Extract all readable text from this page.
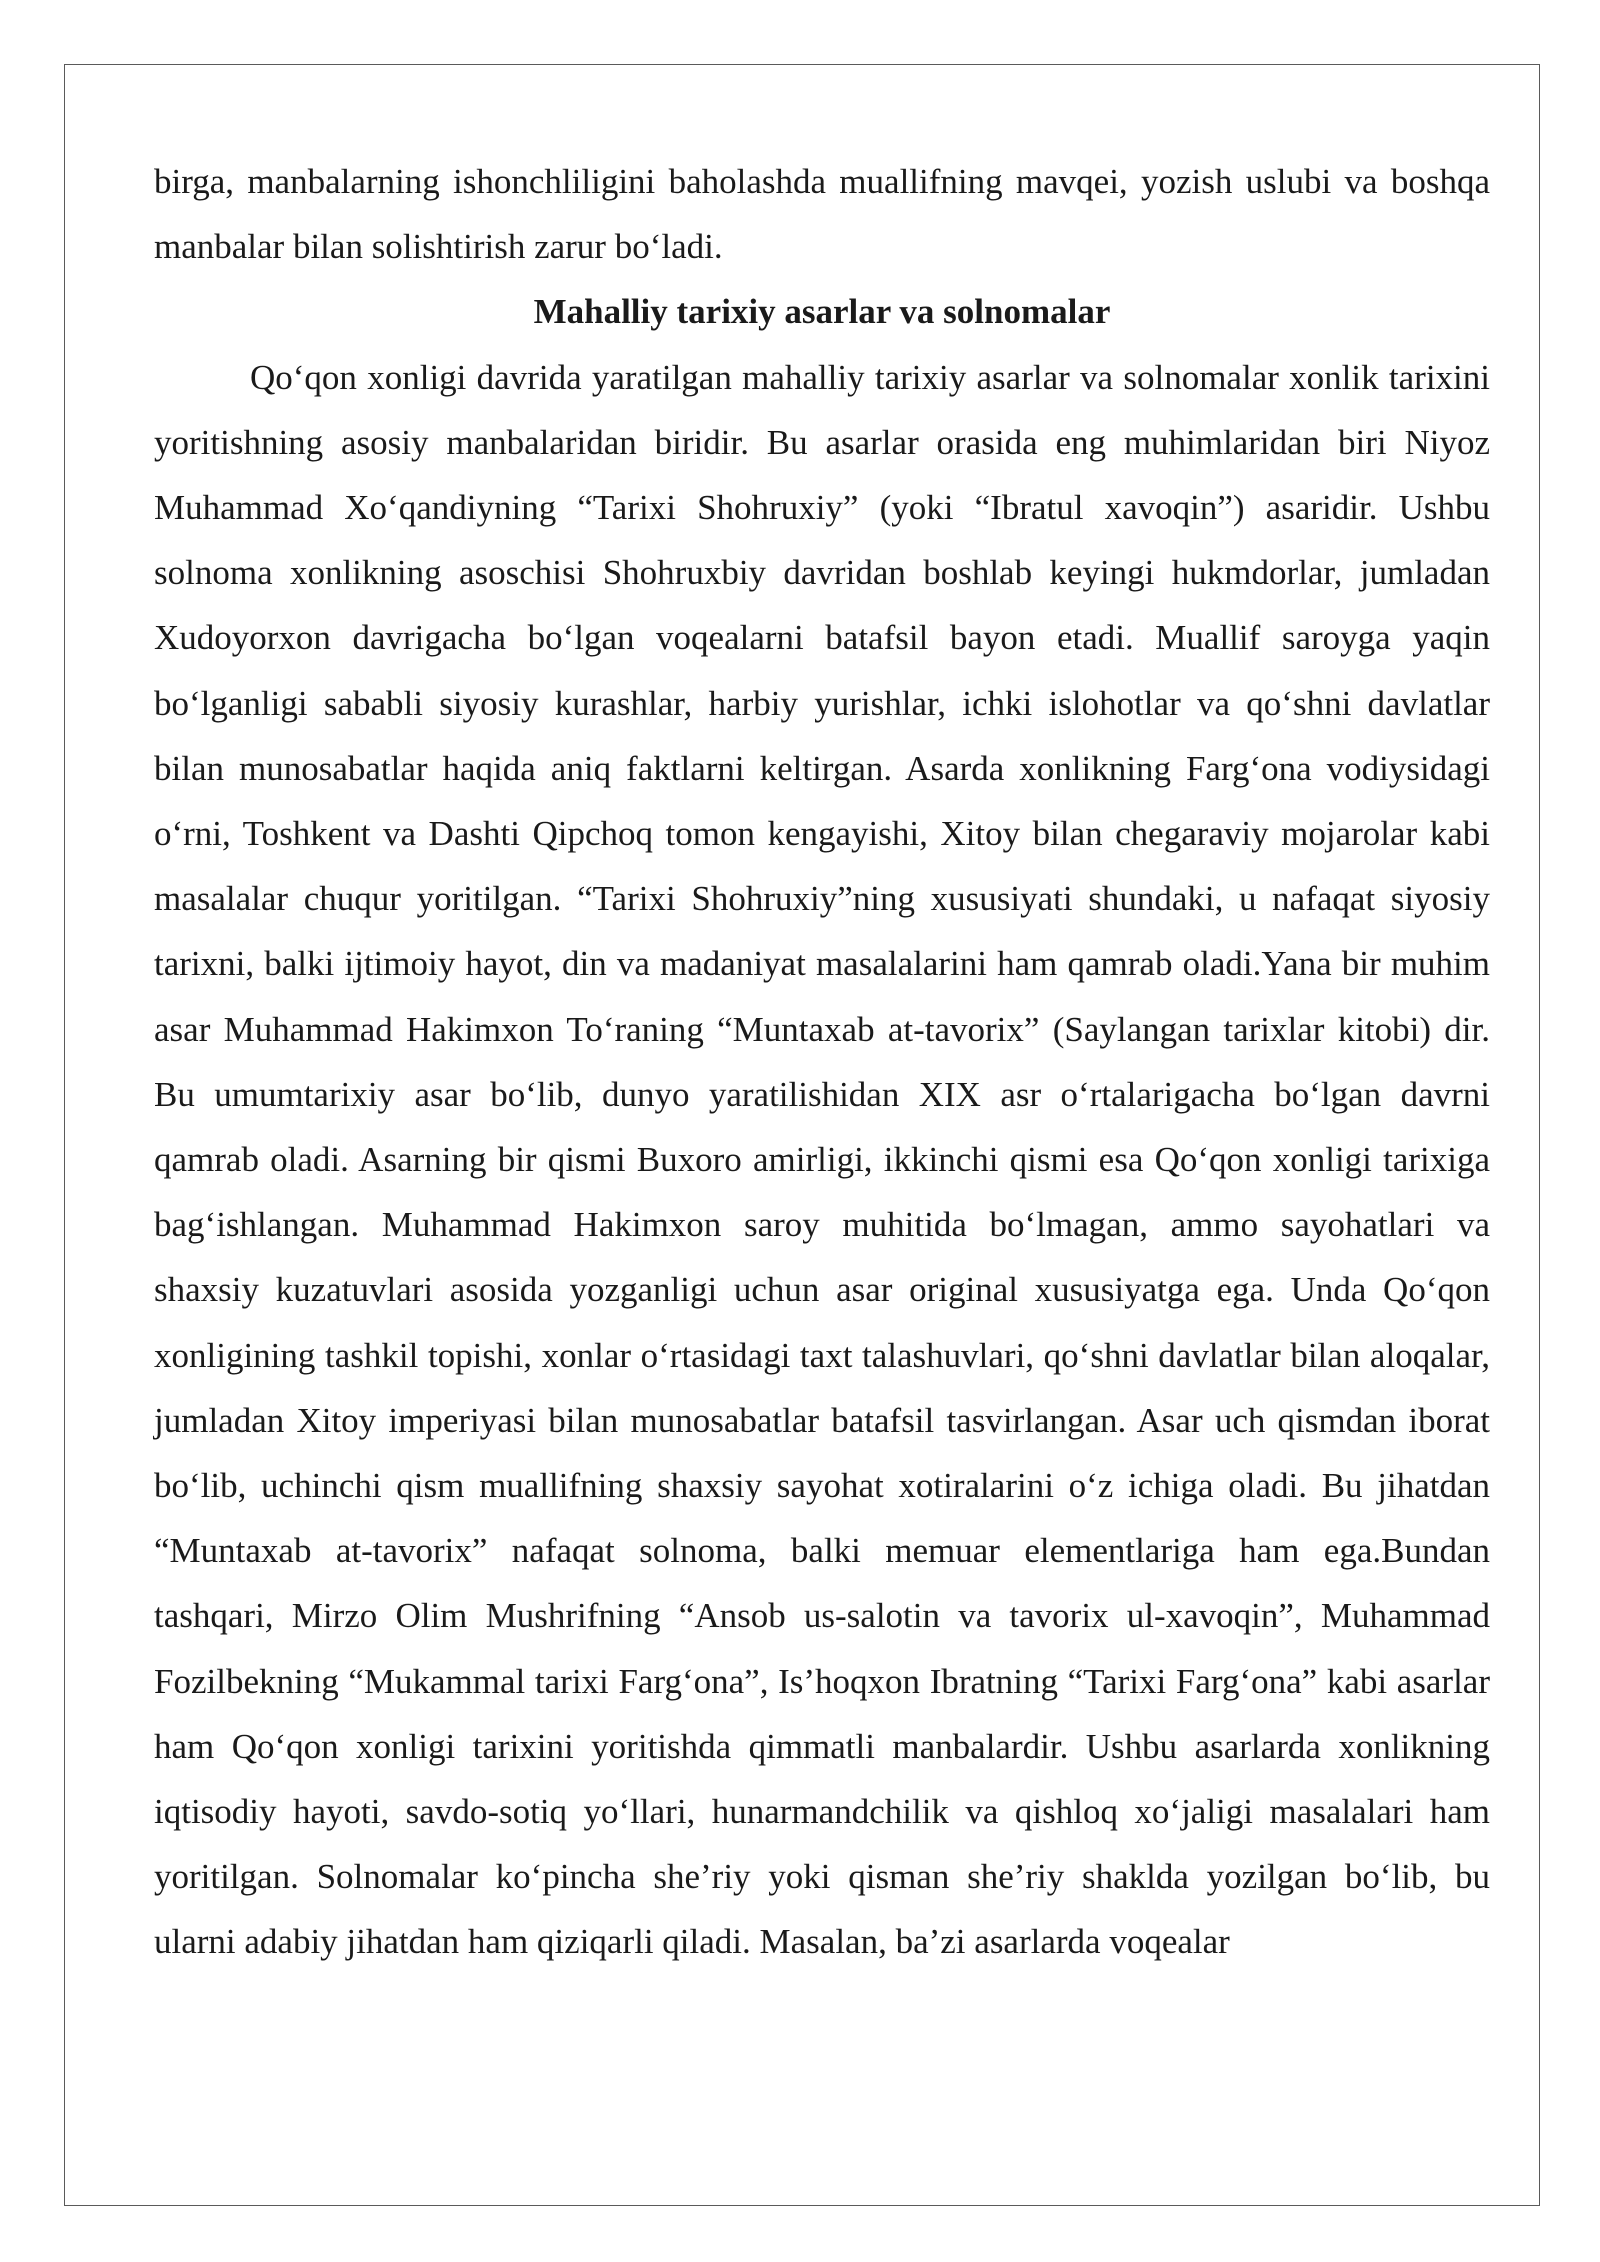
birga, manbalarning ishonchliligini baholashda muallifning mavqei, yozish uslubi va boshqa manbalar bilan solishtirish zarur bo‘ladi.

Mahalliy tarixiy asarlar va solnomalar

Qo‘qon xonligi davrida yaratilgan mahalliy tarixiy asarlar va solnomalar xonlik tarixini yoritishning asosiy manbalaridan biridir. Bu asarlar orasida eng muhimlaridan biri Niyoz Muhammad Xo‘qandiyning “Tarixi Shohruxiy” (yoki “Ibratul xavoqin”) asaridir. Ushbu solnoma xonlikning asoschisi Shohruxbiy davridan boshlab keyingi hukmdorlar, jumladan Xudoyorxon davrigacha bo‘lgan voqealarni batafsil bayon etadi. Muallif saroyga yaqin bo‘lganligi sababli siyosiy kurashlar, harbiy yurishlar, ichki islohotlar va qo‘shni davlatlar bilan munosabatlar haqida aniq faktlarni keltirgan. Asarda xonlikning Farg‘ona vodiysidagi o‘rni, Toshkent va Dashti Qipchoq tomon kengayishi, Xitoy bilan chegaraviy mojarolar kabi masalalar chuqur yoritilgan. “Tarixi Shohruxiy”ning xususiyati shundaki, u nafaqat siyosiy tarixni, balki ijtimoiy hayot, din va madaniyat masalalarini ham qamrab oladi.Yana bir muhim asar Muhammad Hakimxon To‘raning “Muntaxab at-tavorix” (Saylangan tarixlar kitobi) dir. Bu umumtarixiy asar bo‘lib, dunyo yaratilishidan XIX asr o‘rtalarigacha bo‘lgan davrni qamrab oladi. Asarning bir qismi Buxoro amirligi, ikkinchi qismi esa Qo‘qon xonligi tarixiga bag‘ishlangan. Muhammad Hakimxon saroy muhitida bo‘lmagan, ammo sayohatlari va shaxsiy kuzatuvlari asosida yozganligi uchun asar original xususiyatga ega. Unda Qo‘qon xonligining tashkil topishi, xonlar o‘rtasidagi taxt talashuvlari, qo‘shni davlatlar bilan aloqalar, jumladan Xitoy imperiyasi bilan munosabatlar batafsil tasvirlangan. Asar uch qismdan iborat bo‘lib, uchinchi qism muallifning shaxsiy sayohat xotiralarini o‘z ichiga oladi. Bu jihatdan “Muntaxab at-tavorix” nafaqat solnoma, balki memuar elementlariga ham ega.Bundan tashqari, Mirzo Olim Mushrifning “Ansob us-salotin va tavorix ul-xavoqin”, Muhammad Fozilbekning “Mukammal tarixi Farg‘ona”, Is’hoqxon Ibratning “Tarixi Farg‘ona” kabi asarlar ham Qo‘qon xonligi tarixini yoritishda qimmatli manbalardir. Ushbu asarlarda xonlikning iqtisodiy hayoti, savdo-sotiq yo‘llari, hunarmandchilik va qishloq xo‘jaligi masalalari ham yoritilgan. Solnomalar ko‘pincha she’riy yoki qisman she’riy shaklda yozilgan bo‘lib, bu ularni adabiy jihatdan ham qiziqarli qiladi. Masalan, ba’zi asarlarda voqealar
